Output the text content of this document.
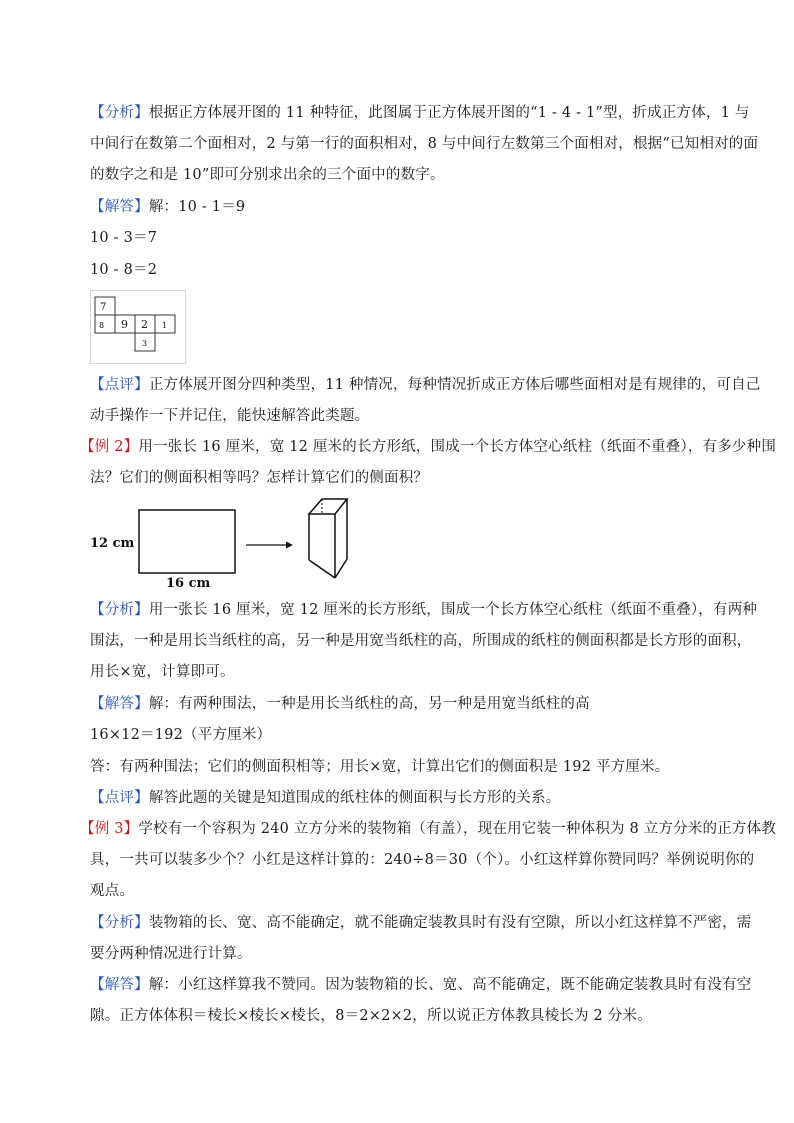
【分析】根据正方体展开图的 11 种特征，此图属于正方体展开图的“1 - 4 - 1”型，折成正方体，1 与
中间行在数第二个面相对，2 与第一行的面积相对，8 与中间行左数第三个面相对，根据“已知相对的面
的数字之和是 10”即可分别求出余的三个面中的数字。
【解答】解：10 - 1＝9
10 - 3＝7
10 - 8＝2
7
8 9 2 1
3
【点评】正方体展开图分四种类型，11 种情况，每种情况折成正方体后哪些面相对是有规律的，可自己
动手操作一下并记住，能快速解答此类题。
【例 2】用一张长 16 厘米，宽 12 厘米的长方形纸，围成一个长方体空心纸柱（纸面不重叠），有多少种围
法？它们的侧面积相等吗？怎样计算它们的侧面积？
12 cm
16 cm
【分析】用一张长 16 厘米，宽 12 厘米的长方形纸，围成一个长方体空心纸柱（纸面不重叠），有两种
围法，一种是用长当纸柱的高，另一种是用宽当纸柱的高，所围成的纸柱的侧面积都是长方形的面积，
用长×宽，计算即可。
【解答】解：有两种围法，一种是用长当纸柱的高，另一种是用宽当纸柱的高
16×12＝192（平方厘米）
答：有两种围法；它们的侧面积相等；用长×宽，计算出它们的侧面积是 192 平方厘米。
【点评】解答此题的关键是知道围成的纸柱体的侧面积与长方形的关系。
【例 3】学校有一个容积为 240 立方分米的装物箱（有盖），现在用它装一种体积为 8 立方分米的正方体教
具，一共可以装多少个？小红是这样计算的：240÷8＝30（个）。小红这样算你赞同吗？举例说明你的
观点。
【分析】装物箱的长、宽、高不能确定，就不能确定装教具时有没有空隙，所以小红这样算不严密，需
要分两种情况进行计算。
【解答】解：小红这样算我不赞同。因为装物箱的长、宽、高不能确定，既不能确定装教具时有没有空
隙。正方体体积＝棱长×棱长×棱长，8＝2×2×2，所以说正方体教具棱长为 2 分米。
